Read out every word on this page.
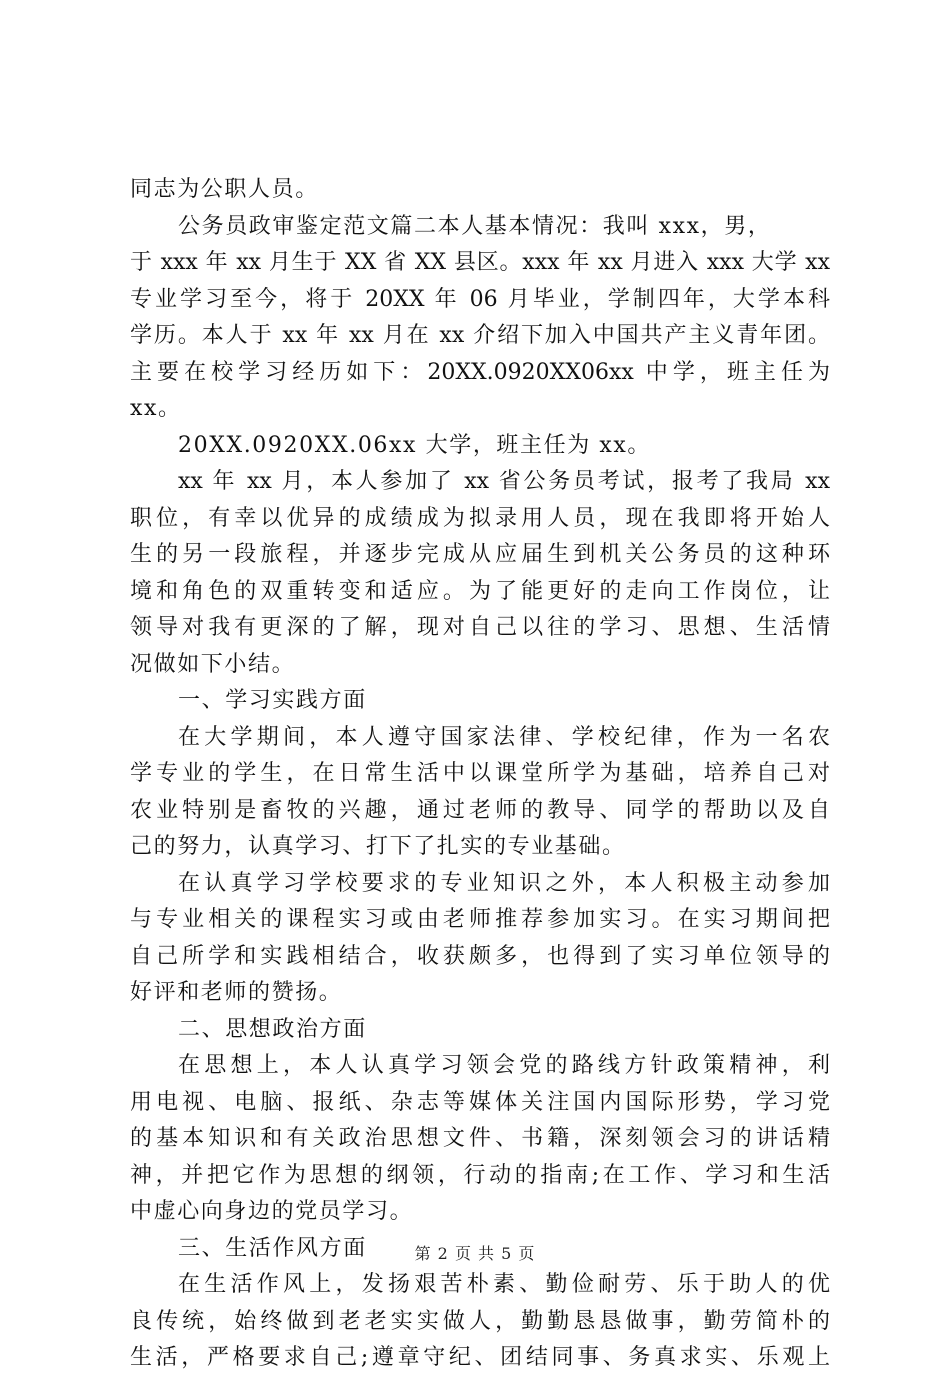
同志为公职人员。
公务员政审鉴定范文篇二本人基本情况：我叫 xxx，男，
于 xxx 年 xx 月生于 XX 省 XX 县区。xxx 年 xx 月进入 xxx 大学 xx
专业学习至今，将于 20XX 年 06 月毕业，学制四年，大学本科
学历。本人于 xx 年 xx 月在 xx 介绍下加入中国共产主义青年团。
主要在校学习经历如下：20XX.0920XX06xx 中学，班主任为
xx。
20XX.0920XX.06xx 大学，班主任为 xx。
xx 年 xx 月，本人参加了 xx 省公务员考试，报考了我局 xx
职位，有幸以优异的成绩成为拟录用人员，现在我即将开始人
生的另一段旅程，并逐步完成从应届生到机关公务员的这种环
境和角色的双重转变和适应。为了能更好的走向工作岗位，让
领导对我有更深的了解，现对自己以往的学习、思想、生活情
况做如下小结。
一、学习实践方面
在大学期间，本人遵守国家法律、学校纪律，作为一名农
学专业的学生，在日常生活中以课堂所学为基础，培养自己对
农业特别是畜牧的兴趣，通过老师的教导、同学的帮助以及自
己的努力，认真学习、打下了扎实的专业基础。
在认真学习学校要求的专业知识之外，本人积极主动参加
与专业相关的课程实习或由老师推荐参加实习。在实习期间把
自己所学和实践相结合，收获颇多，也得到了实习单位领导的
好评和老师的赞扬。
二、思想政治方面
在思想上，本人认真学习领会党的路线方针政策精神，利
用电视、电脑、报纸、杂志等媒体关注国内国际形势，学习党
的基本知识和有关政治思想文件、书籍，深刻领会习的讲话精
神，并把它作为思想的纲领，行动的指南;在工作、学习和生活
中虚心向身边的党员学习。
三、生活作风方面
在生活作风上，发扬艰苦朴素、勤俭耐劳、乐于助人的优
良传统，始终做到老老实实做人，勤勤恳恳做事，勤劳简朴的
生活，严格要求自己;遵章守纪、团结同事、务真求实、乐观上
第 2 页 共 5 页
